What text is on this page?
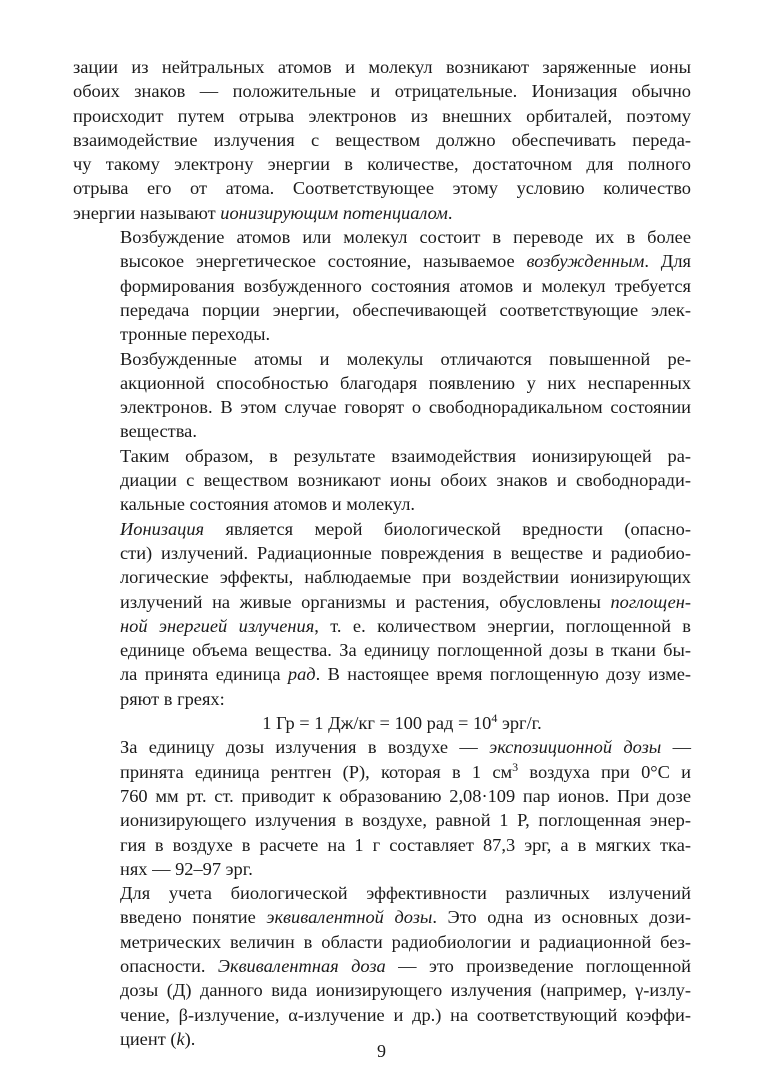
зации из нейтральных атомов и молекул возникают заряженные ионы
обоих знаков — положительные и отрицательные. Ионизация обычно
происходит путем отрыва электронов из внешних орбиталей, поэтому
взаимодействие излучения с веществом должно обеспечивать переда-
чу такому электрону энергии в количестве, достаточном для полного
отрыва его от атома. Соответствующее этому условию количество
энергии называют ионизирующим потенциалом.
Возбуждение атомов или молекул состоит в переводе их в более
высокое энергетическое состояние, называемое возбужденным. Для
формирования возбужденного состояния атомов и молекул требуется
передача порции энергии, обеспечивающей соответствующие элек-
тронные переходы.
Возбужденные атомы и молекулы отличаются повышенной ре-
акционной способностью благодаря появлению у них неспаренных
электронов. В этом случае говорят о свободнорадикальном состоянии
вещества.
Таким образом, в результате взаимодействия ионизирующей ра-
диации с веществом возникают ионы обоих знаков и свободноради-
кальные состояния атомов и молекул.
Ионизация является мерой биологической вредности (опасно-
сти) излучений. Радиационные повреждения в веществе и радиобио-
логические эффекты, наблюдаемые при воздействии ионизирующих
излучений на живые организмы и растения, обусловлены поглощен-
ной энергией излучения, т. е. количеством энергии, поглощенной в
единице объема вещества. За единицу поглощенной дозы в ткани бы-
ла принята единица рад. В настоящее время поглощенную дозу изме-
ряют в греях:
1 Гр = 1 Дж/кг = 100 рад = $10^4$ эрг/г.
За единицу дозы излучения в воздухе — экспозиционной дозы —
принята единица рентген (Р), которая в 1 $см^3$ воздуха при 0°С и
760 мм рт. ст. приводит к образованию 2,08·109 пар ионов. При дозе
ионизирующего излучения в воздухе, равной 1 Р, поглощенная энер-
гия в воздухе в расчете на 1 г составляет 87,3 эрг, а в мягких тка-
нях — 92–97 эрг.
Для учета биологической эффективности различных излучений
введено понятие эквивалентной дозы. Это одна из основных дози-
метрических величин в области радиобиологии и радиационной без-
опасности. Эквивалентная доза — это произведение поглощенной
дозы (Д) данного вида ионизирующего излучения (например, γ-излу-
чение, β-излучение, α-излучение и др.) на соответствующий коэффи-
циент (k).
9
